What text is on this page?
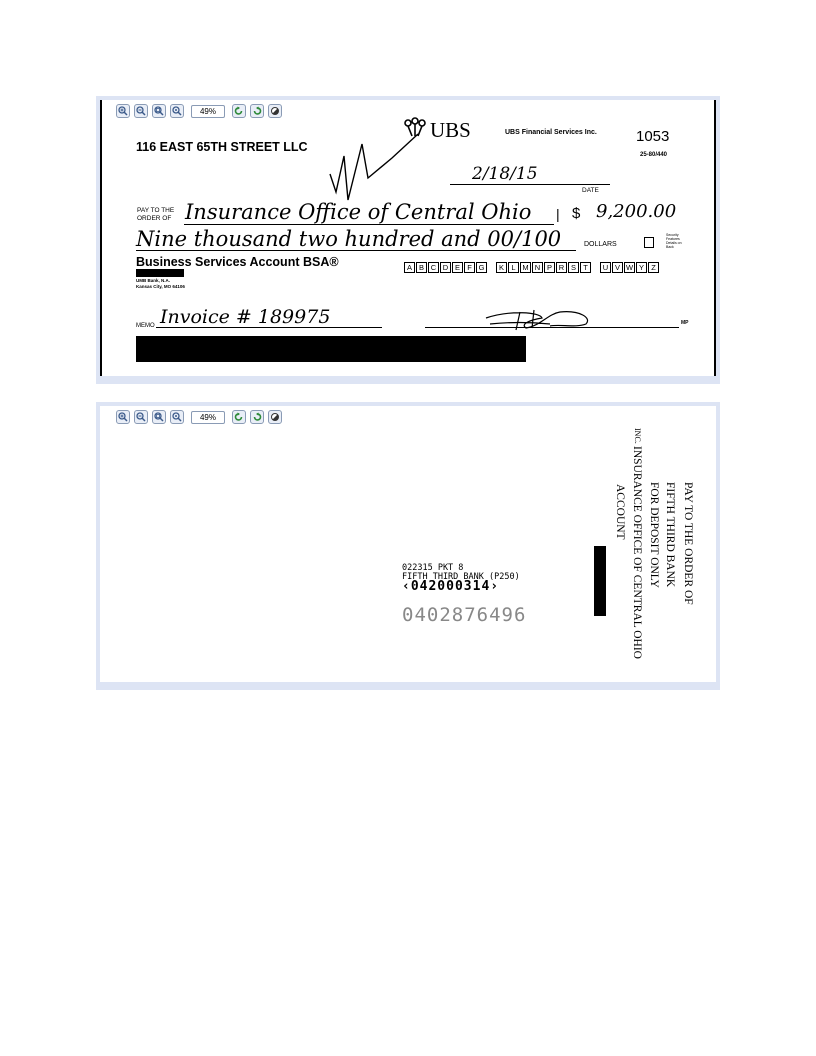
49%
116 EAST 65TH STREET LLC
UBS	UBS Financial Services Inc.	1053
25-80/440
2/18/15
DATE
PAY TO THE
ORDER OF Insurance Office of Central Ohio | $ 9,200.00
Nine thousand two hundred and 00/100	DOLLARS
Security Features Details on Back
Business Services Account BSA®
UMB Bank, N.A.
Kansas City, MO 64106
A B C D E F G	K L M N P R S T	U V W Y Z
Invoice # 189975
MEMO	MP
49%
022315 PKT 8
FIFTH THIRD BANK (P250)
‹042000314›
0402876496
PAY TO THE ORDER OF
FIFTH THIRD BANK
FOR DEPOSIT ONLY
INSURANCE OFFICE OF CENTRAL OHIO
ACCOUNT
INC.
